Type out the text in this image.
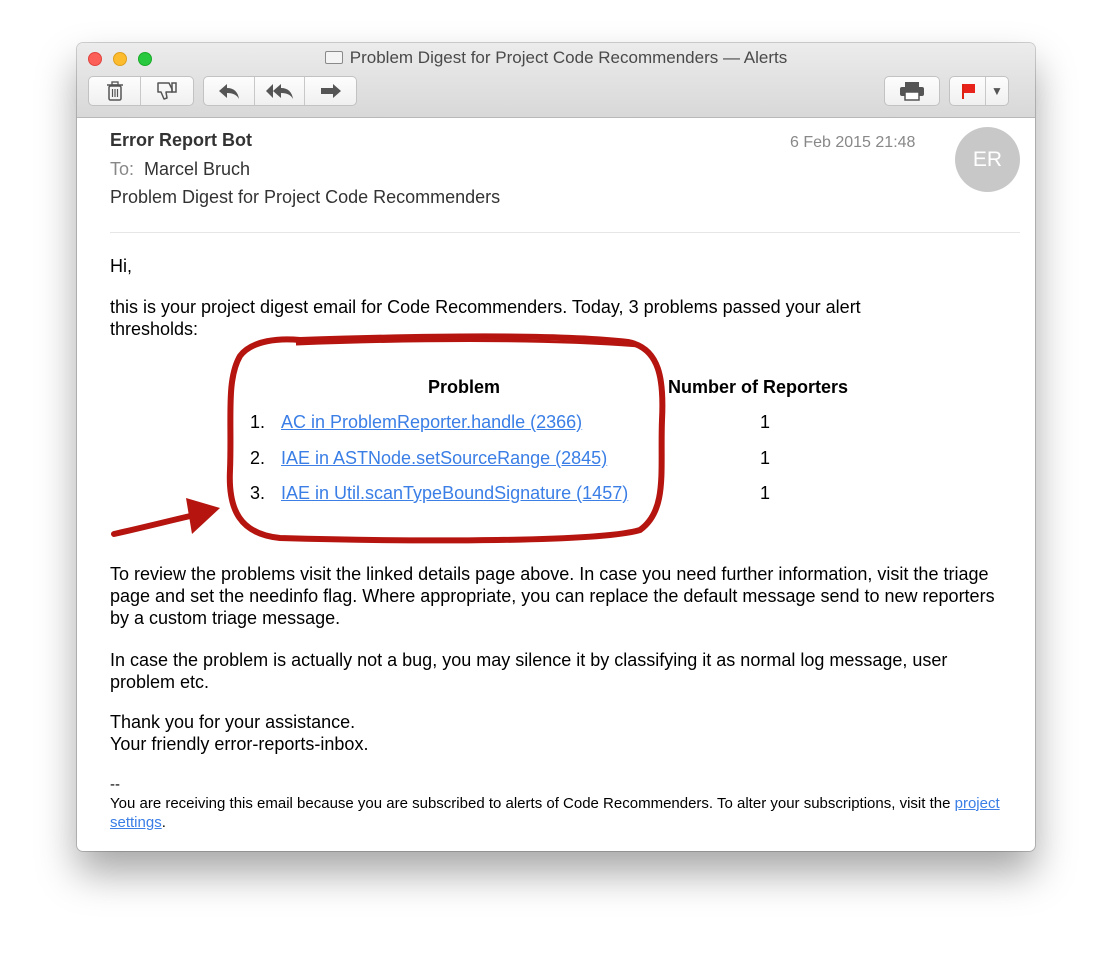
Problem Digest for Project Code Recommenders — Alerts
▼
Error Report Bot
To: Marcel Bruch
Problem Digest for Project Code Recommenders
6 Feb 2015 21:48
ER
Hi,
this is your project digest email for Code Recommenders. Today, 3 problems passed your alert thresholds:
Problem	Number of Reporters
1. AC in ProblemReporter.handle (2366)	1
2. IAE in ASTNode.setSourceRange (2845)	1
3. IAE in Util.scanTypeBoundSignature (1457)	1
To review the problems visit the linked details page above. In case you need further information, visit the triage page and set the needinfo flag. Where appropriate, you can replace the default message send to new reporters by a custom triage message.
In case the problem is actually not a bug, you may silence it by classifying it as normal log message, user problem etc.
Thank you for your assistance.
Your friendly error-reports-inbox.
--
You are receiving this email because you are subscribed to alerts of Code Recommenders. To alter your subscriptions, visit the project settings.
